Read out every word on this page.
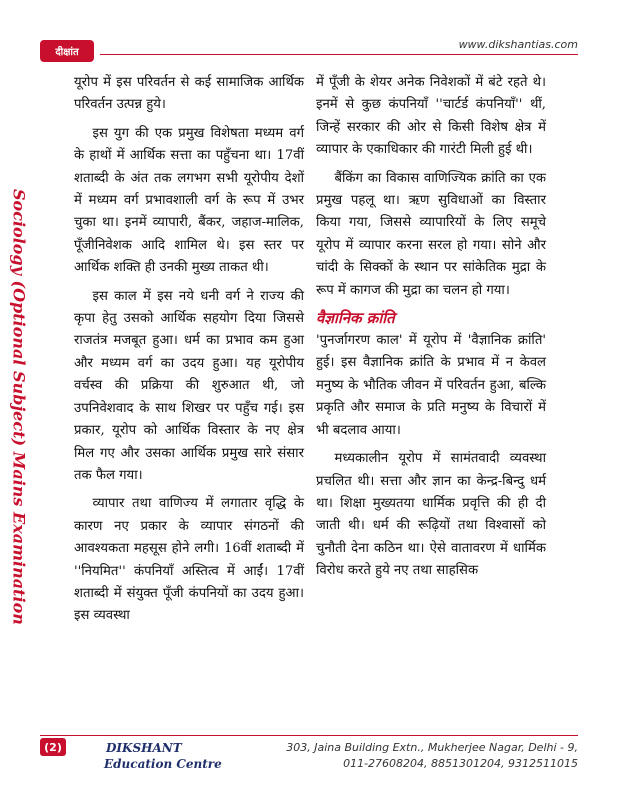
दीक्षांत
www.dikshantias.com
Sociology (Optional Subject) Mains Examination

यूरोप में इस परिवर्तन से कई सामाजिक आर्थिक परिवर्तन उत्पन्न हुये।

इस युग की एक प्रमुख विशेषता मध्यम वर्ग के हाथों में आर्थिक सत्ता का पहुँचना था। 17वीं शताब्दी के अंत तक लगभग सभी यूरोपीय देशों में मध्यम वर्ग प्रभावशाली वर्ग के रूप में उभर चुका था। इनमें व्यापारी, बैंकर, जहाज-मालिक, पूँजीनिवेशक आदि शामिल थे। इस स्तर पर आर्थिक शक्ति ही उनकी मुख्य ताकत थी।

इस काल में इस नये धनी वर्ग ने राज्य की कृपा हेतु उसको आर्थिक सहयोग दिया जिससे राजतंत्र मजबूत हुआ। धर्म का प्रभाव कम हुआ और मध्यम वर्ग का उदय हुआ। यह यूरोपीय वर्चस्व की प्रक्रिया की शुरुआत थी, जो उपनिवेशवाद के साथ शिखर पर पहुँच गई। इस प्रकार, यूरोप को आर्थिक विस्तार के नए क्षेत्र मिल गए और उसका आर्थिक प्रमुख सारे संसार तक फैल गया।

व्यापार तथा वाणिज्य में लगातार वृद्धि के कारण नए प्रकार के व्यापार संगठनों की आवश्यकता महसूस होने लगी। 16वीं शताब्दी में ''नियमित'' कंपनियाँ अस्तित्व में आईं। 17वीं शताब्दी में संयुक्त पूँजी कंपनियों का उदय हुआ। इस व्यवस्था

में पूँजी के शेयर अनेक निवेशकों में बंटे रहते थे। इनमें से कुछ कंपनियाँ ''चार्टर्ड कंपनियाँ'' थीं, जिन्हें सरकार की ओर से किसी विशेष क्षेत्र में व्यापार के एकाधिकार की गारंटी मिली हुई थी।

बैंकिंग का विकास वाणिज्यिक क्रांति का एक प्रमुख पहलू था। ऋण सुविधाओं का विस्तार किया गया, जिससे व्यापारियों के लिए समूचे यूरोप में व्यापार करना सरल हो गया। सोने और चांदी के सिक्कों के स्थान पर सांकेतिक मुद्रा के रूप में कागज की मुद्रा का चलन हो गया।

वैज्ञानिक क्रांति

'पुनर्जागरण काल' में यूरोप में 'वैज्ञानिक क्रांति' हुई। इस वैज्ञानिक क्रांति के प्रभाव में न केवल मनुष्य के भौतिक जीवन में परिवर्तन हुआ, बल्कि प्रकृति और समाज के प्रति मनुष्य के विचारों में भी बदलाव आया।

मध्यकालीन यूरोप में सामंतवादी व्यवस्था प्रचलित थी। सत्ता और ज्ञान का केन्द्र-बिन्दु धर्म था। शिक्षा मुख्यतया धार्मिक प्रवृत्ति की ही दी जाती थी। धर्म की रूढ़ियों तथा विश्वासों को चुनौती देना कठिन था। ऐसे वातावरण में धार्मिक विरोध करते हुये नए तथा साहसिक

(2)	DIKSHANT
Education Centre
303, Jaina Building Extn., Mukherjee Nagar, Delhi - 9,
011-27608204, 8851301204, 9312511015
